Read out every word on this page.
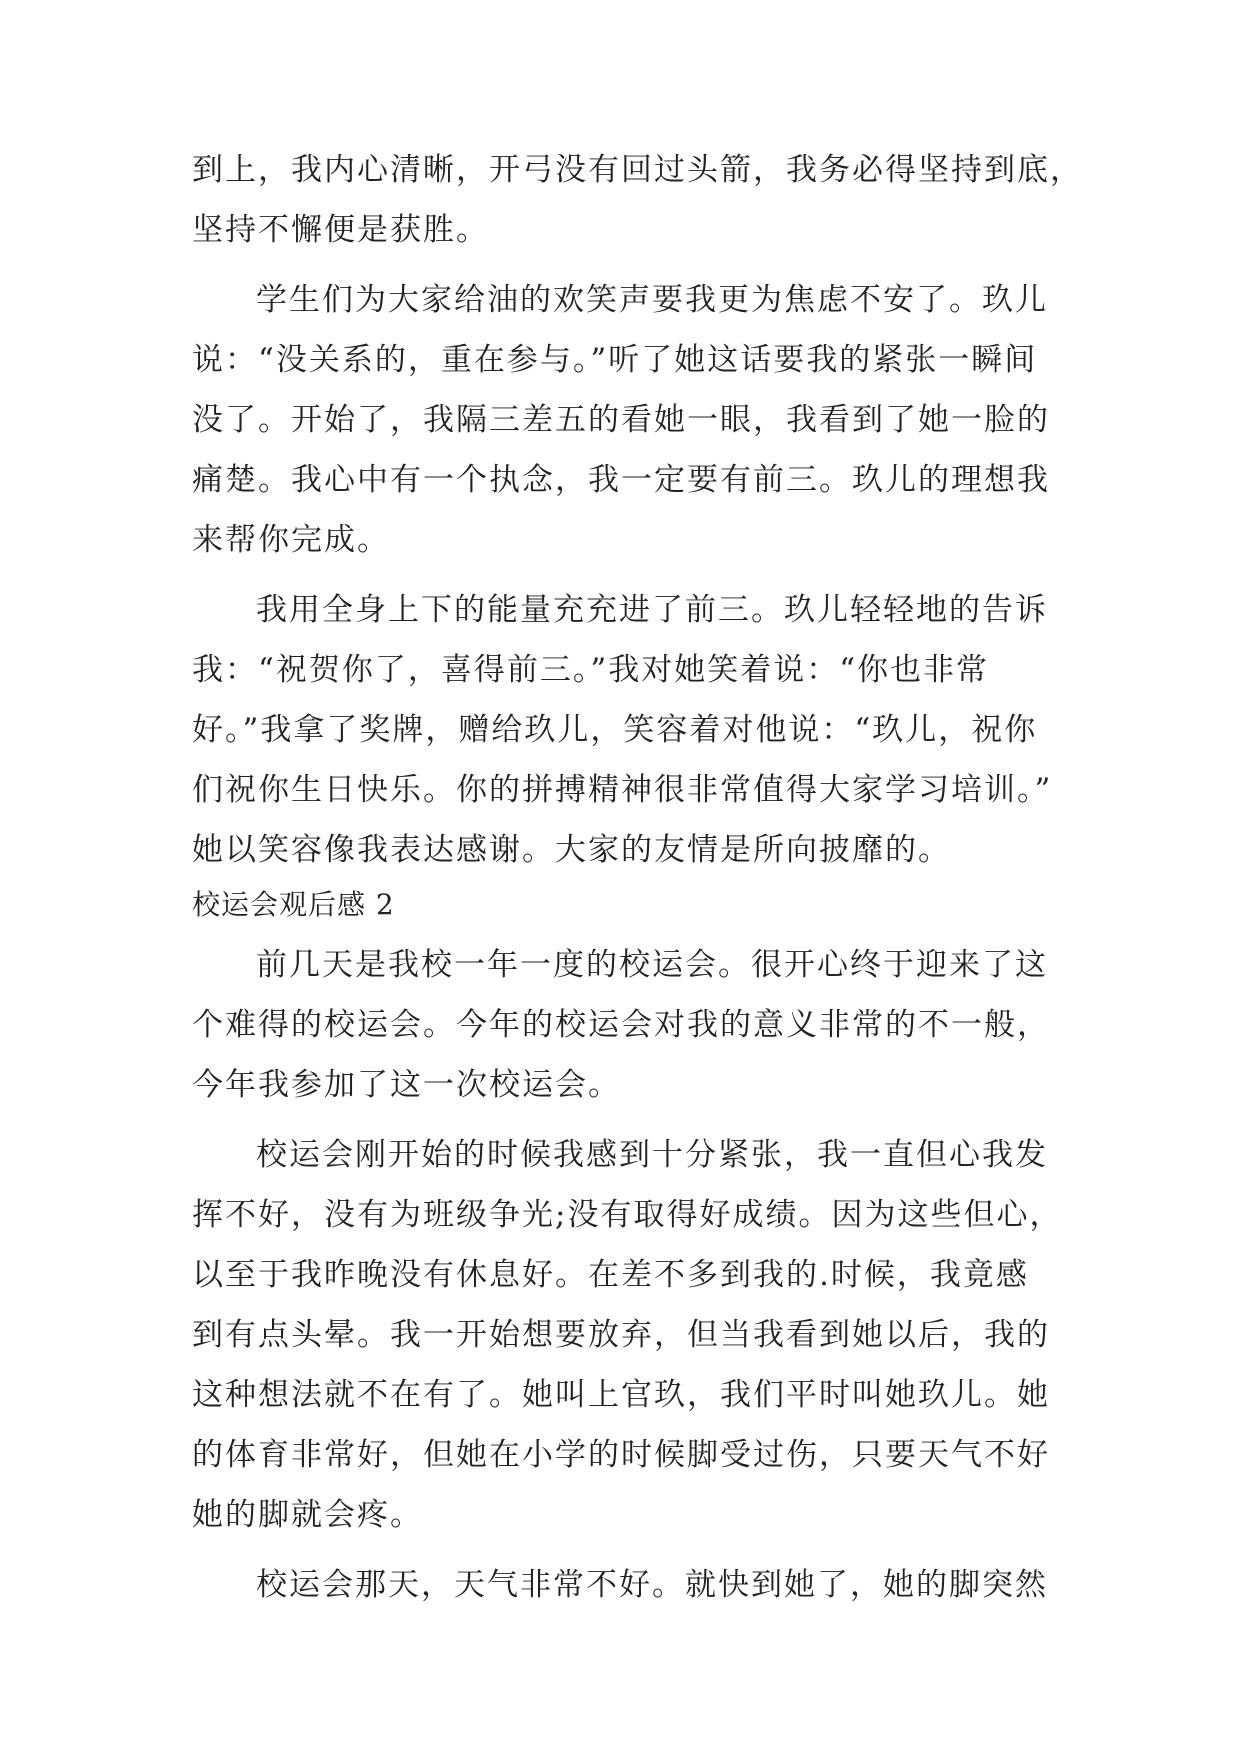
到上，我内心清晰，开弓没有回过头箭，我务必得坚持到底，
坚持不懈便是获胜。
学生们为大家给油的欢笑声要我更为焦虑不安了。玖儿
说：“没关系的，重在参与。”听了她这话要我的紧张一瞬间
没了。开始了，我隔三差五的看她一眼，我看到了她一脸的
痛楚。我心中有一个执念，我一定要有前三。玖儿的理想我
来帮你完成。
我用全身上下的能量充充进了前三。玖儿轻轻地的告诉
我：“祝贺你了，喜得前三。”我对她笑着说：“你也非常
好。”我拿了奖牌，赠给玖儿，笑容着对他说：“玖儿，祝你
们祝你生日快乐。你的拼搏精神很非常值得大家学习培训。”
她以笑容像我表达感谢。大家的友情是所向披靡的。
校运会观后感 2
前几天是我校一年一度的校运会。很开心终于迎来了这
个难得的校运会。今年的校运会对我的意义非常的不一般，
今年我参加了这一次校运会。
校运会刚开始的时候我感到十分紧张，我一直但心我发
挥不好，没有为班级争光;没有取得好成绩。因为这些但心，
以至于我昨晚没有休息好。在差不多到我的.时候，我竟感
到有点头晕。我一开始想要放弃，但当我看到她以后，我的
这种想法就不在有了。她叫上官玖，我们平时叫她玖儿。她
的体育非常好，但她在小学的时候脚受过伤，只要天气不好
她的脚就会疼。
校运会那天，天气非常不好。就快到她了，她的脚突然
